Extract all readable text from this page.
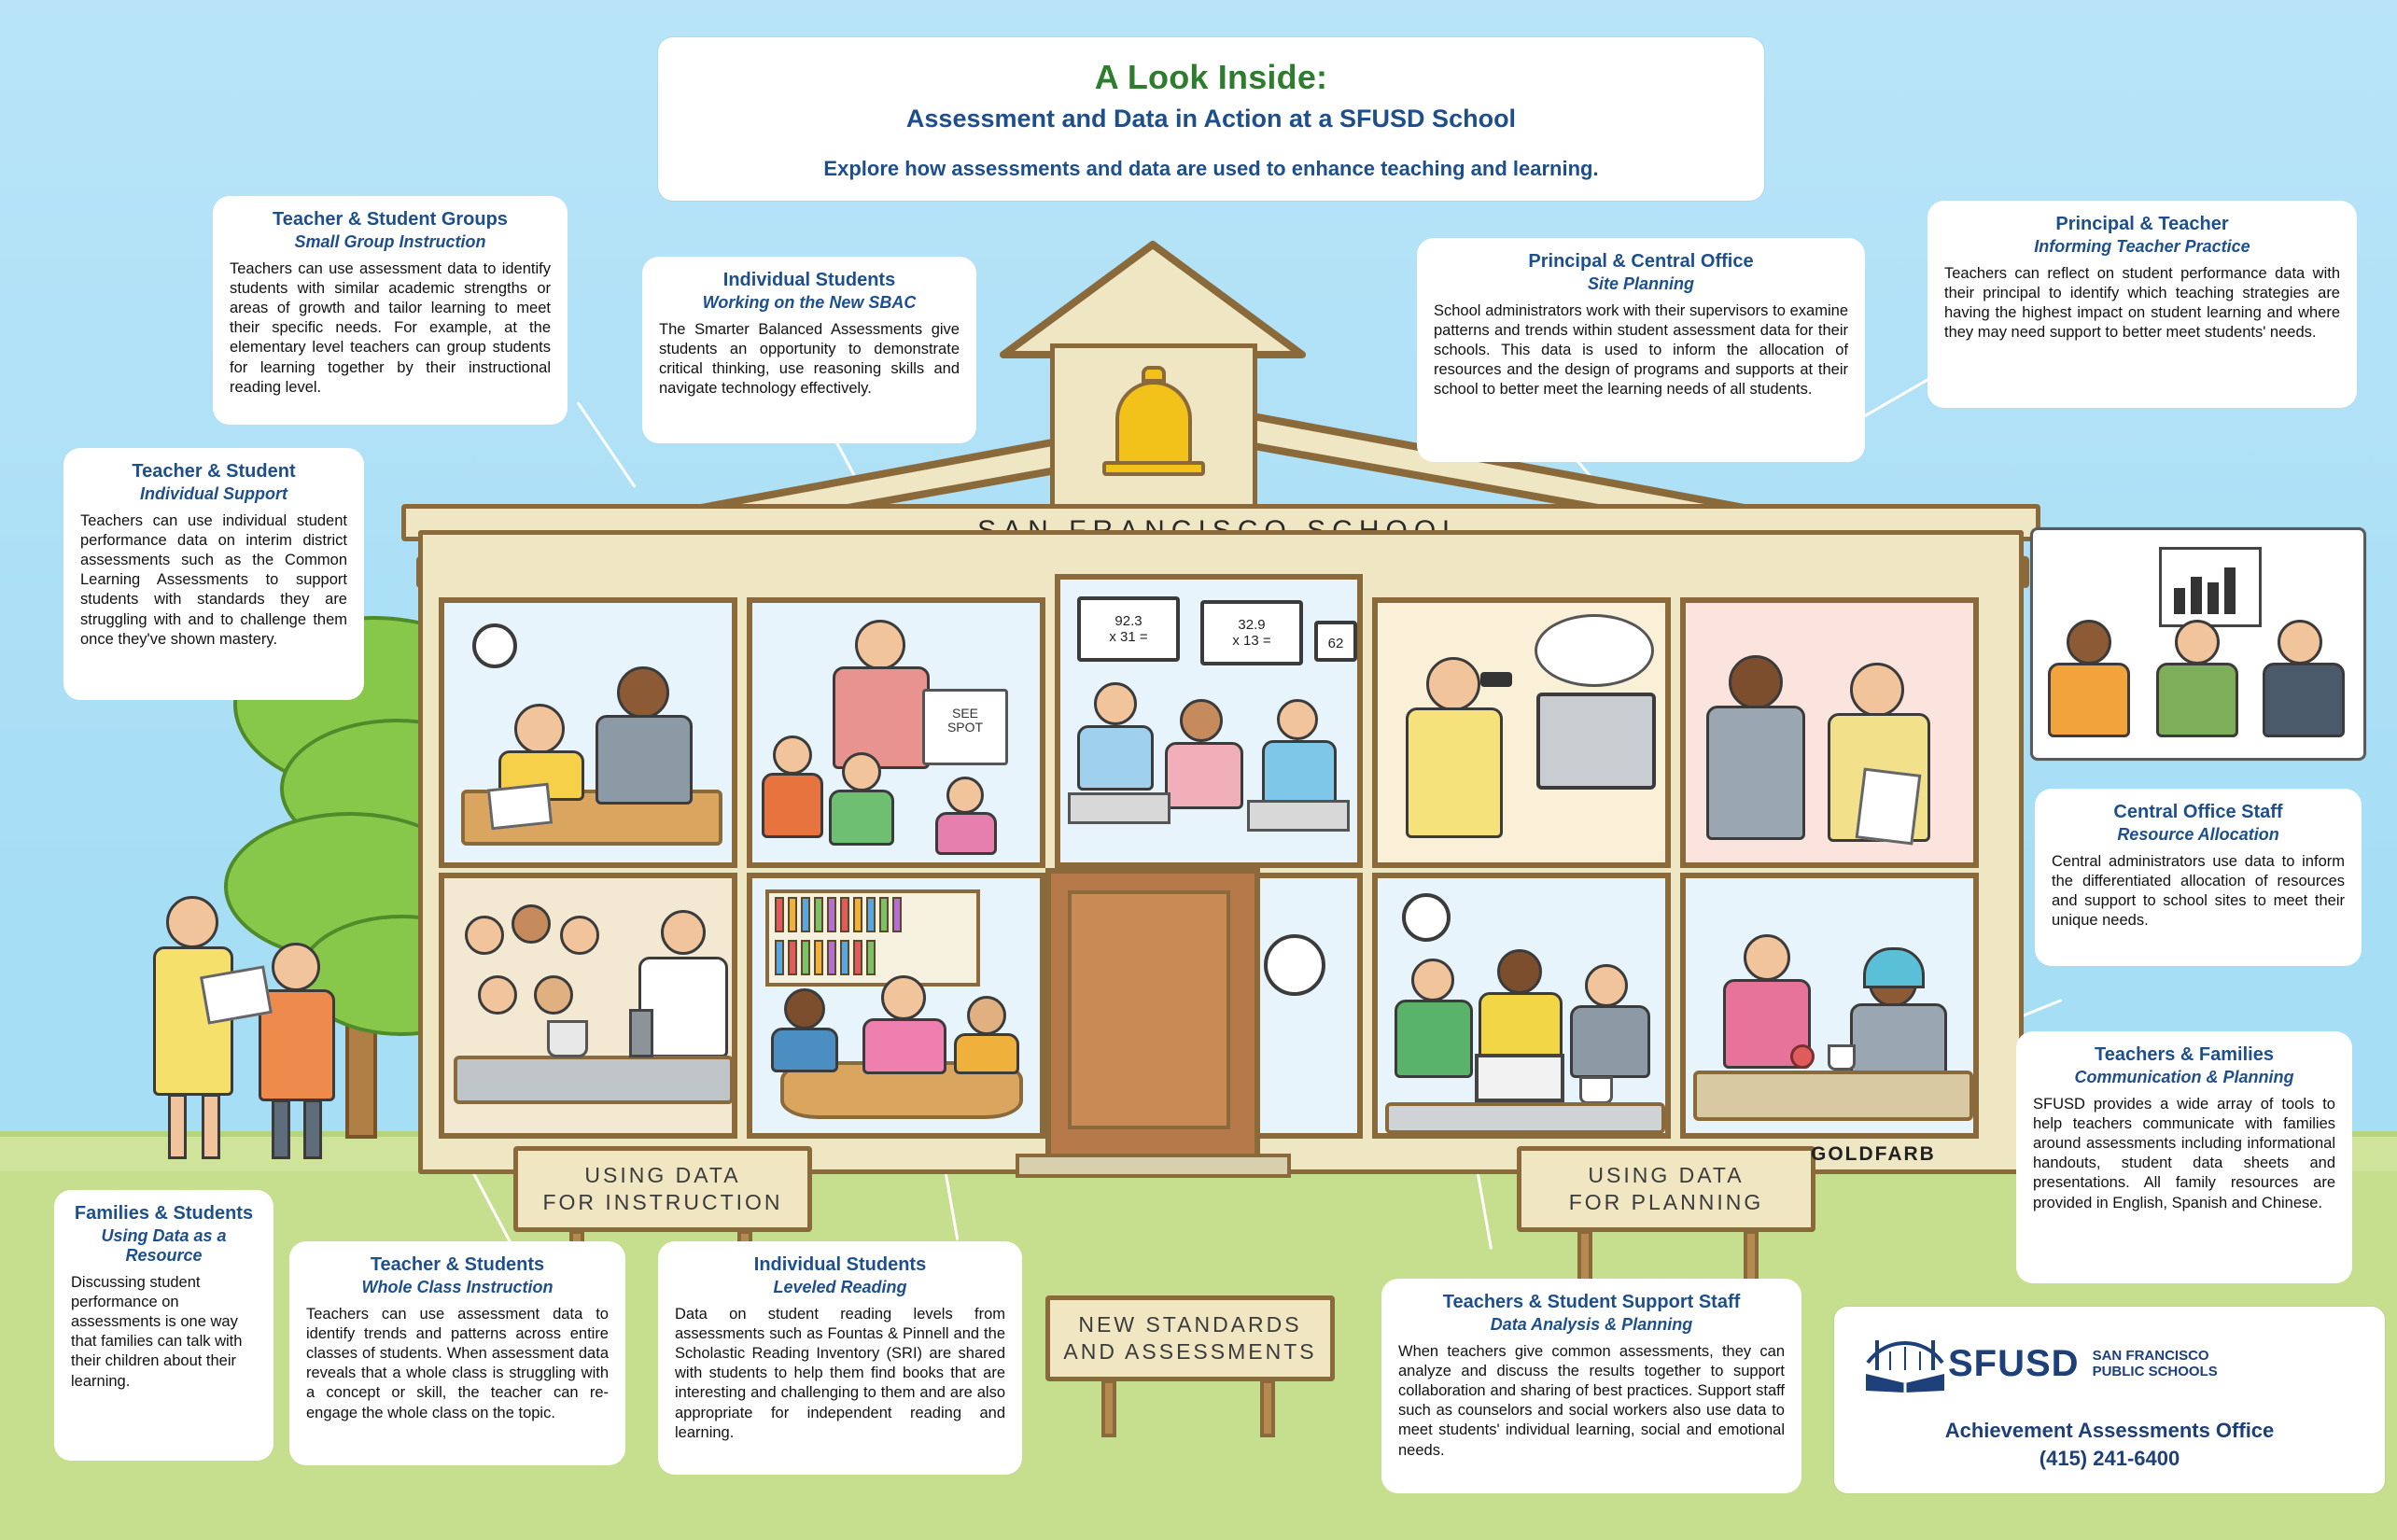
SEE
SPOT
92.3
x 31 =
32.9
x 13 =	62
USING DATA
FOR INSTRUCTION
USING DATA
FOR PLANNING
NEW STANDARDS
AND ASSESSMENTS
GOLDFARB
A Look Inside:
Assessment and Data in Action at a SFUSD School
Explore how assessments and data are used to enhance teaching and learning.
Teacher & Student Groups
Small Group Instruction
Teachers can use assessment data to identify students with similar academic strengths or areas of growth and tailor learning to meet their specific needs. For example, at the elementary level teachers can group students for learning together by their instructional reading level.
Individual Students
Working on the New SBAC
The Smarter Balanced Assessments give students an opportunity to demonstrate critical thinking, use reasoning skills and navigate technology effectively.
Principal & Central Office
Site Planning
School administrators work with their supervisors to examine patterns and trends within student assessment data for their schools. This data is used to inform the allocation of resources and the design of programs and supports at their school to better meet the learning needs of all students.
Principal & Teacher
Informing Teacher Practice
Teachers can reflect on student performance data with their principal to identify which teaching strategies are having the highest impact on student learning and where they may need support to better meet students' needs.
Teacher & Student
Individual Support
Teachers can use individual student performance data on interim district assessments such as the Common Learning Assessments to support students with standards they are struggling with and to challenge them once they've shown mastery.
Central Office Staff
Resource Allocation
Central administrators use data to inform the differentiated allocation of resources and support to school sites to meet their unique needs.
Teachers & Families
Communication & Planning
SFUSD provides a wide array of tools to help teachers communicate with families around assessments including informational handouts, student data sheets and presentations. All family resources are provided in English, Spanish and Chinese.
Families & Students
Using Data as a Resource
Discussing student performance on assessments is one way that families can talk with their children about their learning.
Teacher & Students
Whole Class Instruction
Teachers can use assessment data to identify trends and patterns across entire classes of students. When assessment data reveals that a whole class is struggling with a concept or skill, the teacher can re-engage the whole class on the topic.
Individual Students
Leveled Reading
Data on student reading levels from assessments such as Fountas & Pinnell and the Scholastic Reading Inventory (SRI) are shared with students to help them find books that are interesting and challenging to them and are also appropriate for independent reading and learning.
Teachers & Student Support Staff
Data Analysis & Planning
When teachers give common assessments, they can analyze and discuss the results together to support collaboration and sharing of best practices. Support staff such as counselors and social workers also use data to meet students' individual learning, social and emotional needs.
SFUSD SAN FRANCISCO
PUBLIC SCHOOLS
Achievement Assessments Office
(415) 241-6400
